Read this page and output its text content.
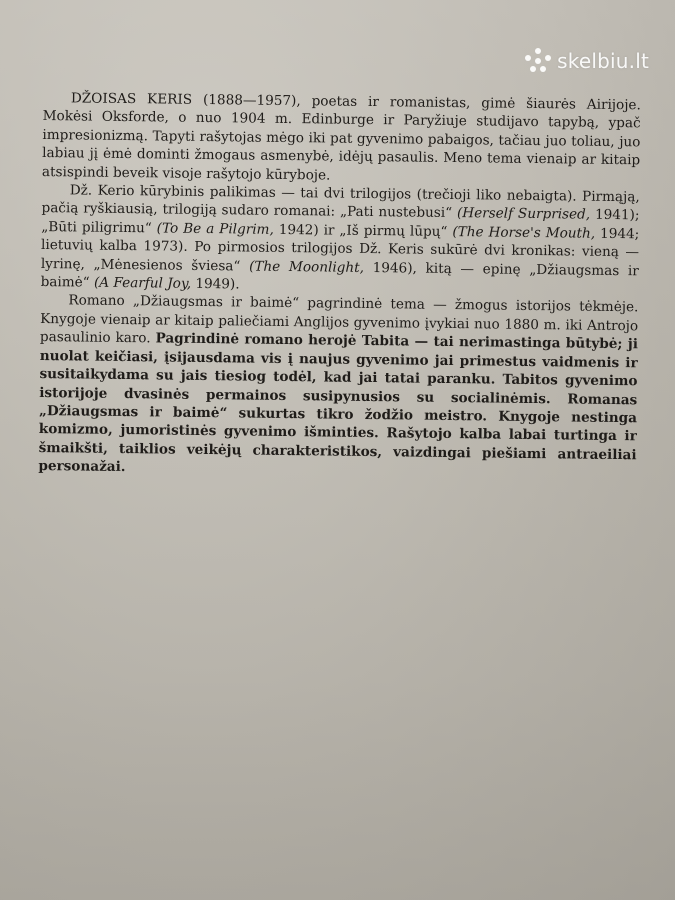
skelbiu.lt

DŽOISAS KERIS (1888—1957), poetas ir romanistas, gimė šiaurės Airijoje. Mokėsi Oksforde, o nuo 1904 m. Edinburge ir Paryžiuje studijavo tapybą, ypač impresionizmą. Tapyti rašytojas mėgo iki pat gyvenimo pabaigos, tačiau juo toliau, juo labiau jį ėmė dominti žmogaus asmenybė, idėjų pasaulis. Meno tema vienaip ar kitaip atsispindi beveik visoje rašytojo kūryboje.

Dž. Kerio kūrybinis palikimas — tai dvi trilogijos (trečioji liko nebaigta). Pirmąją, pačią ryškiausią, trilogiją sudaro romanai: „Pati nustebusi“ (Herself Surprised, 1941); „Būti piligrimu“ (To Be a Pilgrim, 1942) ir „Iš pirmų lūpų“ (The Horse's Mouth, 1944; lietuvių kalba 1973). Po pirmosios trilogijos Dž. Keris sukūrė dvi kronikas: vieną — lyrinę, „Mėnesienos šviesa“ (The Moonlight, 1946), kitą — epinę „Džiaugsmas ir baimė“ (A Fearful Joy, 1949).

Romano „Džiaugsmas ir baimė“ pagrindinė tema — žmogus istorijos tėkmėje. Knygoje vienaip ar kitaip paliečiami Anglijos gyvenimo įvykiai nuo 1880 m. iki Antrojo pasaulinio karo. Pagrindinė romano herojė Tabita — tai nerimastinga būtybė; ji nuolat keičiasi, įsijausdama vis į naujus gyvenimo jai primestus vaidmenis ir susitaikydama su jais tiesiog todėl, kad jai tatai paranku. Tabitos gyvenimo istorijoje dvasinės permainos susipynusios su socialinėmis. Romanas „Džiaugsmas ir baimė“ sukurtas tikro žodžio meistro. Knygoje nestinga komizmo, jumoristinės gyvenimo išminties. Rašytojo kalba labai turtinga ir šmaikšti, taiklios veikėjų charakteristikos, vaizdingai piešiami antraeiliai personažai.
